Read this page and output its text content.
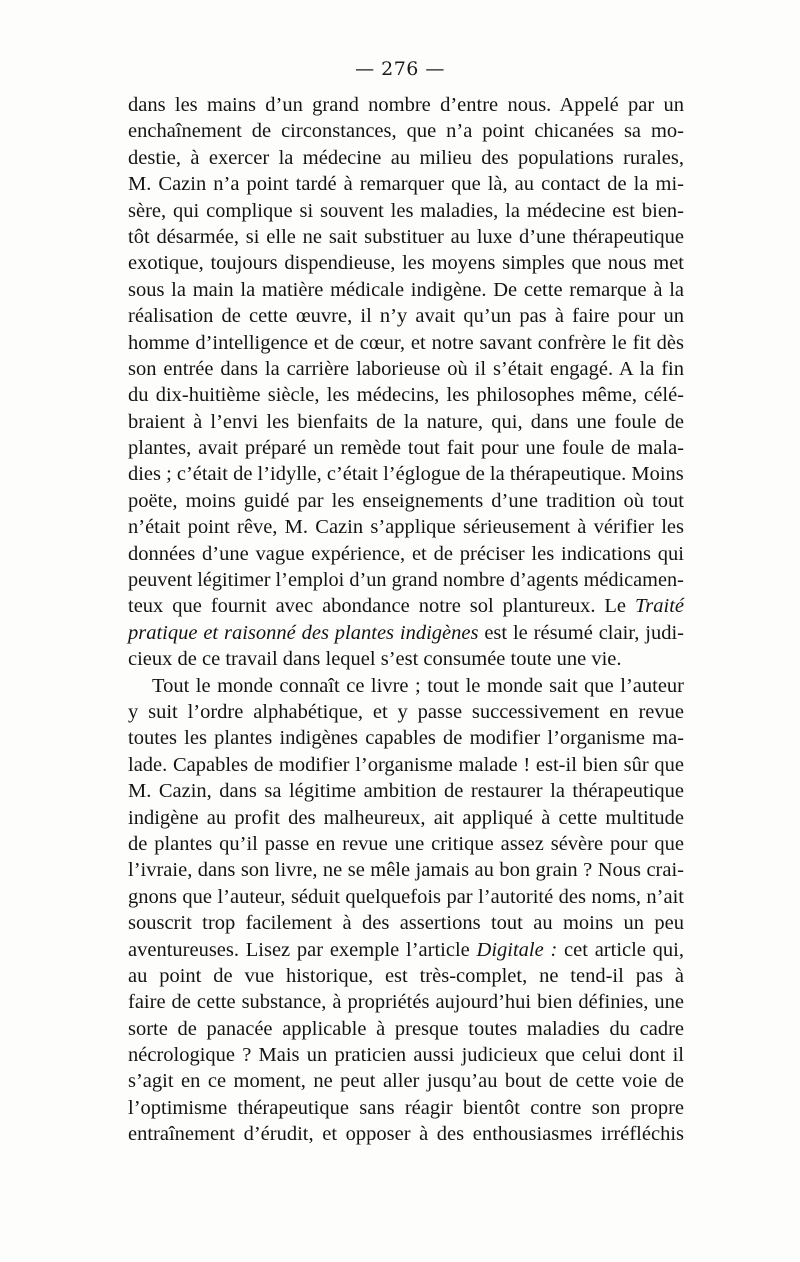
— 276 —
dans les mains d’un grand nombre d’entre nous. Appelé par un
enchaînement de circonstances, que n’a point chicanées sa mo-
destie, à exercer la médecine au milieu des populations rurales,
M. Cazin n’a point tardé à remarquer que là, au contact de la mi-
sère, qui complique si souvent les maladies, la médecine est bien-
tôt désarmée, si elle ne sait substituer au luxe d’une thérapeutique
exotique, toujours dispendieuse, les moyens simples que nous met
sous la main la matière médicale indigène. De cette remarque à la
réalisation de cette œuvre, il n’y avait qu’un pas à faire pour un
homme d’intelligence et de cœur, et notre savant confrère le fit dès
son entrée dans la carrière laborieuse où il s’était engagé. A la fin
du dix-huitième siècle, les médecins, les philosophes même, célé-
braient à l’envi les bienfaits de la nature, qui, dans une foule de
plantes, avait préparé un remède tout fait pour une foule de mala-
dies ; c’était de l’idylle, c’était l’églogue de la thérapeutique. Moins
poëte, moins guidé par les enseignements d’une tradition où tout
n’était point rêve, M. Cazin s’applique sérieusement à vérifier les
données d’une vague expérience, et de préciser les indications qui
peuvent légitimer l’emploi d’un grand nombre d’agents médicamen-
teux que fournit avec abondance notre sol plantureux. Le Traité
pratique et raisonné des plantes indigènes est le résumé clair, judi-
cieux de ce travail dans lequel s’est consumée toute une vie.
Tout le monde connaît ce livre ; tout le monde sait que l’auteur
y suit l’ordre alphabétique, et y passe successivement en revue
toutes les plantes indigènes capables de modifier l’organisme ma-
lade. Capables de modifier l’organisme malade ! est-il bien sûr que
M. Cazin, dans sa légitime ambition de restaurer la thérapeutique
indigène au profit des malheureux, ait appliqué à cette multitude
de plantes qu’il passe en revue une critique assez sévère pour que
l’ivraie, dans son livre, ne se mêle jamais au bon grain ? Nous crai-
gnons que l’auteur, séduit quelquefois par l’autorité des noms, n’ait
souscrit trop facilement à des assertions tout au moins un peu
aventureuses. Lisez par exemple l’article Digitale : cet article qui,
au point de vue historique, est très-complet, ne tend-il pas à
faire de cette substance, à propriétés aujourd’hui bien définies, une
sorte de panacée applicable à presque toutes maladies du cadre
nécrologique ? Mais un praticien aussi judicieux que celui dont il
s’agit en ce moment, ne peut aller jusqu’au bout de cette voie de
l’optimisme thérapeutique sans réagir bientôt contre son propre
entraînement d’érudit, et opposer à des enthousiasmes irréfléchis
